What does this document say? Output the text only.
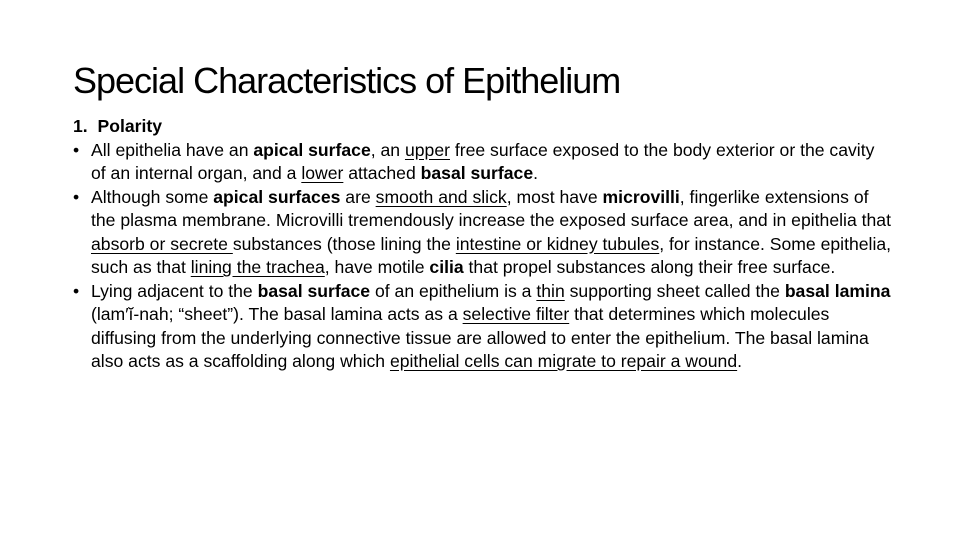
Special Characteristics of Epithelium
1. Polarity
• All epithelia have an apical surface, an upper free surface exposed to the body exterior or the cavity of an internal organ, and a lower attached basal surface.
• Although some apical surfaces are smooth and slick, most have microvilli, fingerlike extensions of the plasma membrane. Microvilli tremendously increase the exposed surface area, and in epithelia that absorb or secrete substances (those lining the intestine or kidney tubules, for instance. Some epithelia, such as that lining the trachea, have motile cilia that propel substances along their free surface.
• Lying adjacent to the basal surface of an epithelium is a thin supporting sheet called the basal lamina (lam′ĭ-nah; “sheet”). The basal lamina acts as a selective filter that determines which molecules diffusing from the underlying connective tissue are allowed to enter the epithelium. The basal lamina also acts as a scaffolding along which epithelial cells can migrate to repair a wound.
